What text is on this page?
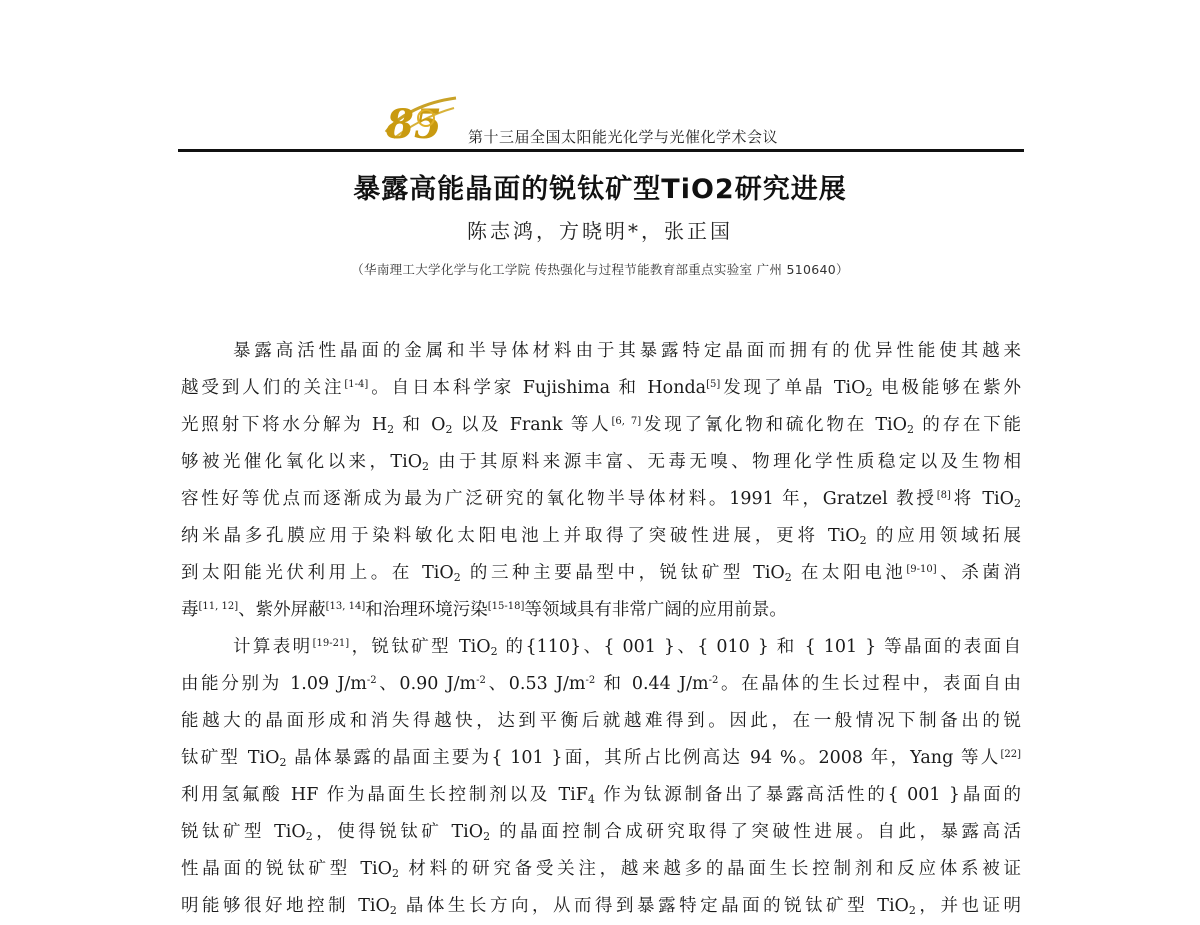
85 第十三届全国太阳能光化学与光催化学术会议
暴露高能晶面的锐钛矿型TiO2研究进展
陈志鸿，方晓明*，张正国
（华南理工大学化学与化工学院 传热强化与过程节能教育部重点实验室 广州 510640）
暴露高活性晶面的金属和半导体材料由于其暴露特定晶面而拥有的优异性能使其越来
越受到人们的关注[1-4]。自日本科学家 Fujishima 和 Honda[5]发现了单晶 TiO$_2$ 电极能够在紫外
光照射下将水分解为 $H_2$ 和 $O_2$ 以及 Frank 等人[6, 7]发现了氰化物和硫化物在 TiO$_2$ 的存在下能
够被光催化氧化以来，TiO$_2$ 由于其原料来源丰富、无毒无嗅、物理化学性质稳定以及生物相
容性好等优点而逐渐成为最为广泛研究的氧化物半导体材料。1991 年，Gratzel 教授[8]将 TiO$_2$
纳米晶多孔膜应用于染料敏化太阳电池上并取得了突破性进展，更将 TiO$_2$ 的应用领域拓展
到太阳能光伏利用上。在 TiO$_2$ 的三种主要晶型中，锐钛矿型 TiO$_2$ 在太阳电池[9-10]、杀菌消
毒[11, 12]、紫外屏蔽[13, 14]和治理环境污染[15-18]等领域具有非常广阔的应用前景。
计算表明[19-21]，锐钛矿型 TiO$_2$ 的{110}、{ 001 }、{ 010 } 和 { 101 } 等晶面的表面自
由能分别为 1.09 $J/m^{-2}$、0.90 $J/m^{-2}$、0.53 $J/m^{-2}$ 和 0.44 $J/m^{-2}$。在晶体的生长过程中，表面自由
能越大的晶面形成和消失得越快，达到平衡后就越难得到。因此，在一般情况下制备出的锐
钛矿型 TiO$_2$ 晶体暴露的晶面主要为{ 101 }面，其所占比例高达 94 %。2008 年，Yang 等人[22]
利用氢氟酸 HF 作为晶面生长控制剂以及 TiF$_4$ 作为钛源制备出了暴露高活性的{ 001 }晶面的
锐钛矿型 TiO$_2$，使得锐钛矿 TiO$_2$ 的晶面控制合成研究取得了突破性进展。自此，暴露高活
性晶面的锐钛矿型 TiO$_2$ 材料的研究备受关注，越来越多的晶面生长控制剂和反应体系被证
明能够很好地控制 TiO$_2$ 晶体生长方向，从而得到暴露特定晶面的锐钛矿型 TiO$_2$，并也证明
